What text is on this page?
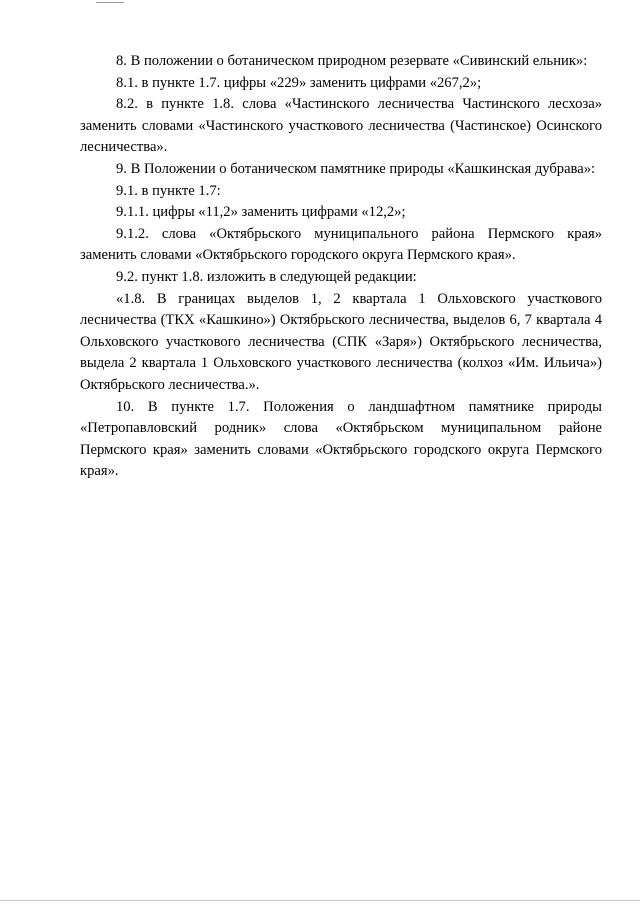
8. В положении о ботаническом природном резервате «Сивинский ельник»:

8.1. в пункте 1.7. цифры «229» заменить цифрами «267,2»;

8.2. в пункте 1.8. слова «Частинского лесничества Частинского лесхоза» заменить словами «Частинского участкового лесничества (Частинское) Осинского лесничества».

9. В Положении о ботаническом памятнике природы «Кашкинская дубрава»:

9.1. в пункте 1.7:

9.1.1. цифры «11,2» заменить цифрами «12,2»;

9.1.2. слова «Октябрьского муниципального района Пермского края» заменить словами «Октябрьского городского округа Пермского края».

9.2. пункт 1.8. изложить в следующей редакции:

«1.8. В границах выделов 1, 2 квартала 1 Ольховского участкового лесничества (ТКХ «Кашкино») Октябрьского лесничества, выделов 6, 7 квартала 4 Ольховского участкового лесничества (СПК «Заря») Октябрьского лесничества, выдела 2 квартала 1 Ольховского участкового лесничества (колхоз «Им. Ильича») Октябрьского лесничества.».

10. В пункте 1.7. Положения о ландшафтном памятнике природы «Петропавловский родник» слова «Октябрьском муниципальном районе Пермского края» заменить словами «Октябрьского городского округа Пермского края».
